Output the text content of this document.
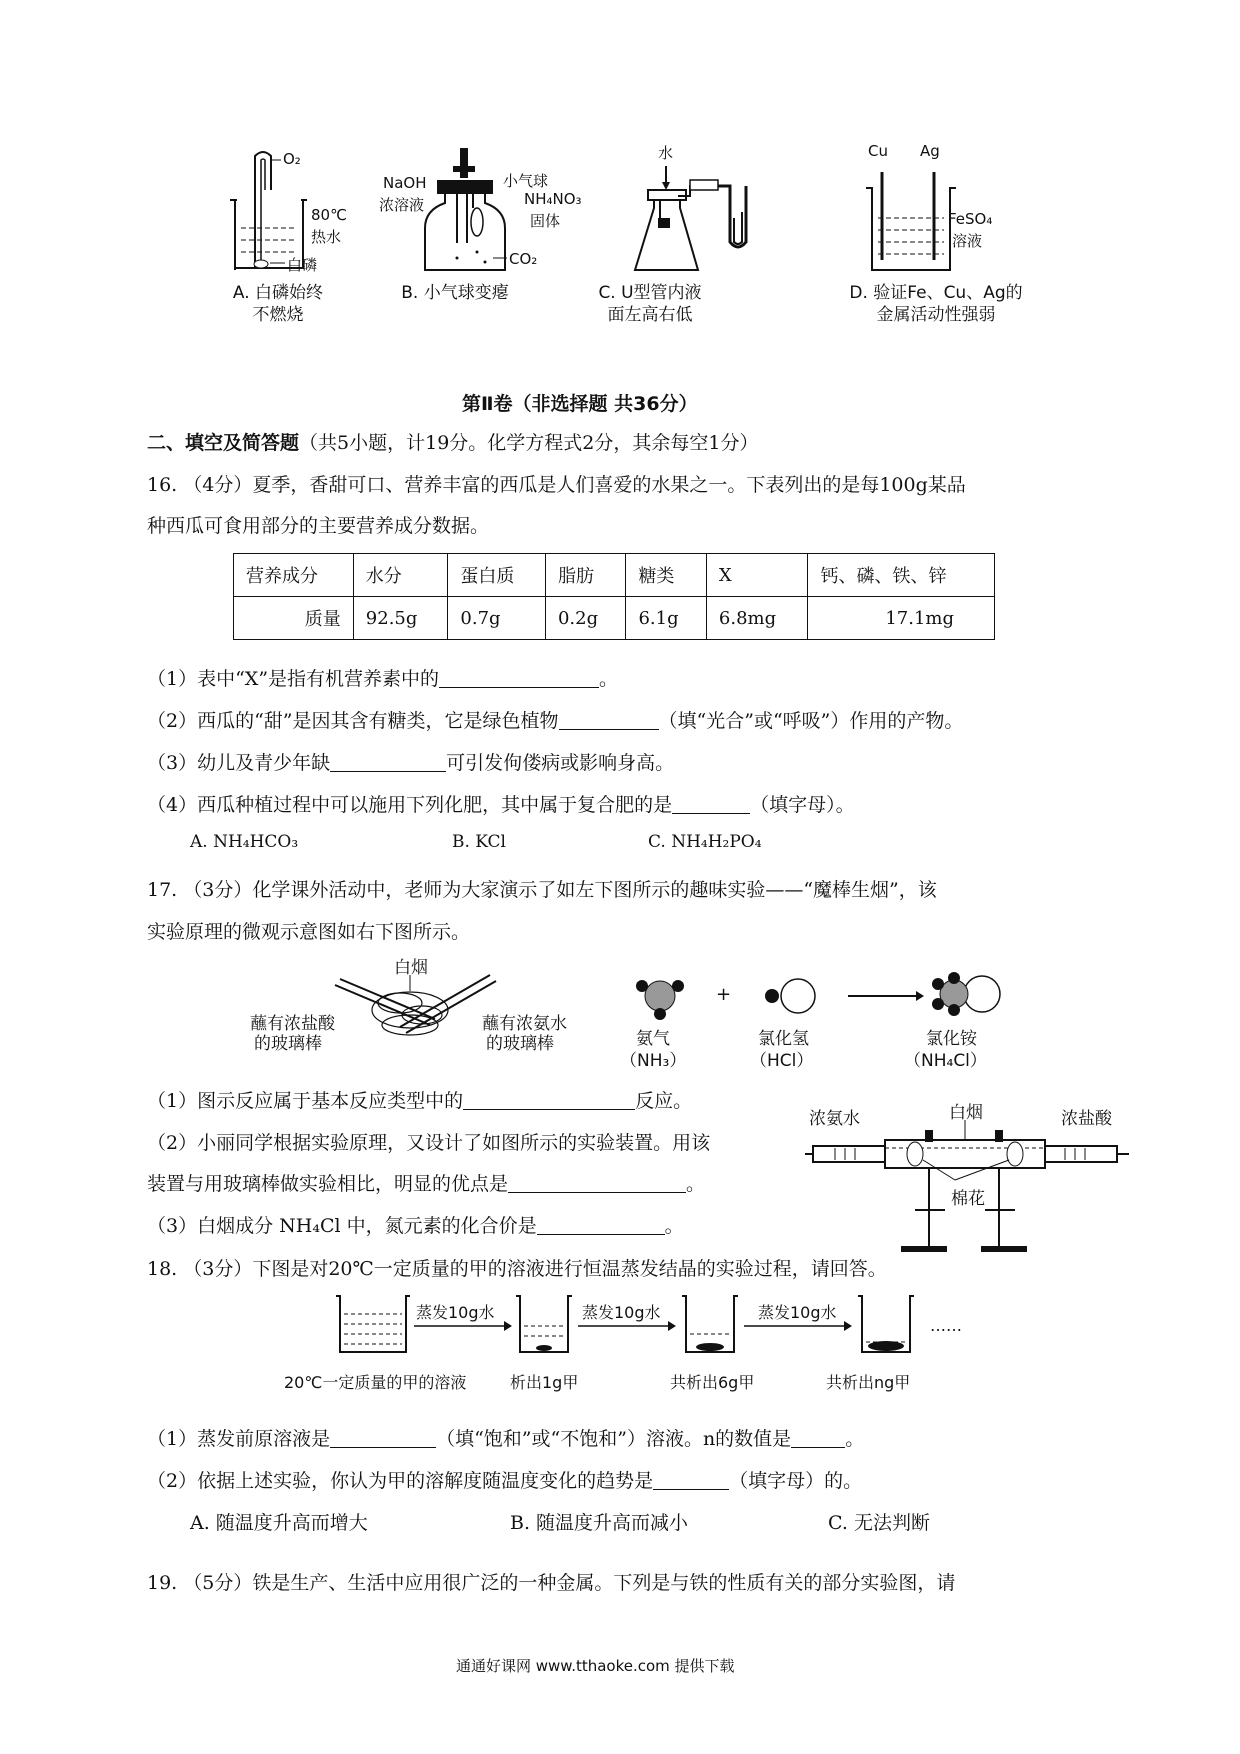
O₂
80℃
热水
白磷
A. 白磷始终
不燃烧
NaOH
浓溶液
小气球
CO₂
B. 小气球变瘪
水
NH₄NO₃
固体
C. U型管内液
面左高右低
Cu Ag
FeSO₄
溶液
D. 验证Fe、Cu、Ag的
金属活动性强弱
第Ⅱ卷（非选择题 共36分）
二、填空及简答题（共5小题，计19分。化学方程式2分，其余每空1分）
16. （4分）夏季，香甜可口、营养丰富的西瓜是人们喜爱的水果之一。下表列出的是每100g某品
种西瓜可食用部分的主要营养成分数据。
营养成分	水分	蛋白质	脂肪	糖类	X	钙、磷、铁、锌
质量	92.5g	0.7g	0.2g	6.1g	6.8mg	17.1mg
（1）表中“X”是指有机营养素中的	。
（2）西瓜的“甜”是因其含有糖类，它是绿色植物	（填“光合”或“呼吸”）作用的产物。
（3）幼儿及青少年缺	可引发佝偻病或影响身高。
（4）西瓜种植过程中可以施用下列化肥，其中属于复合肥的是	（填字母）。
A. NH₄HCO₃	B. KCl	C. NH₄H₂PO₄
17. （3分）化学课外活动中，老师为大家演示了如左下图所示的趣味实验——“魔棒生烟”，该
实验原理的微观示意图如右下图所示。
白烟
蘸有浓盐酸
的玻璃棒
蘸有浓氨水
的玻璃棒
+
氨气
（NH₃）
氯化氢
（HCl）
氯化铵
（NH₄Cl）
（1）图示反应属于基本反应类型中的	反应。
（2）小丽同学根据实验原理，又设计了如图所示的实验装置。用该
装置与用玻璃棒做实验相比，明显的优点是	。
（3）白烟成分 NH₄Cl 中，氮元素的化合价是	。
浓氨水	白烟	浓盐酸
棉花
18. （3分）下图是对20℃一定质量的甲的溶液进行恒温蒸发结晶的实验过程，请回答。
蒸发10g水	蒸发10g水	蒸发10g水
……
20℃一定质量的甲的溶液	析出1g甲	共析出6g甲	共析出ng甲
（1）蒸发前原溶液是	（填“饱和”或“不饱和”）溶液。n的数值是	。
（2）依据上述实验，你认为甲的溶解度随温度变化的趋势是	（填字母）的。
A. 随温度升高而增大	B. 随温度升高而减小	C. 无法判断
19. （5分）铁是生产、生活中应用很广泛的一种金属。下列是与铁的性质有关的部分实验图，请
通通好课网 www.tthaoke.com 提供下载
